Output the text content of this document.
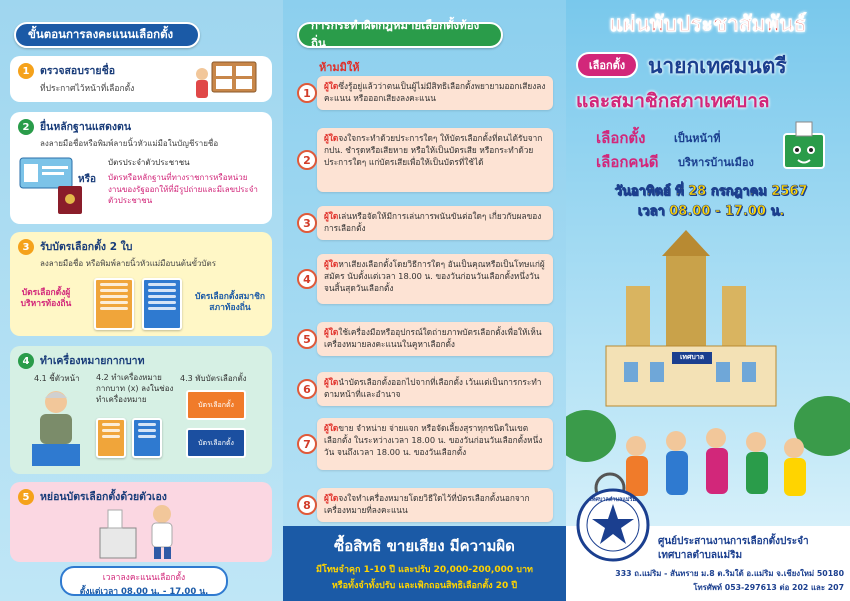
ขั้นตอนการลงคะแนนเลือกตั้ง
1	ตรวจสอบรายชื่อ
ที่ประกาศไว้หน้าที่เลือกตั้ง
2	ยื่นหลักฐานแสดงตน
ลงลายมือชื่อหรือพิมพ์ลายนิ้วหัวแม่มือในบัญชีรายชื่อ
บัตรประจำตัวประชาชน
หรือ บัตรหรือหลักฐานที่ทางราชการหรือหน่วยงานของรัฐออกให้ที่มีรูปถ่ายและมีเลขประจำตัวประชาชน
3	รับบัตรเลือกตั้ง 2 ใบ
ลงลายมือชื่อ หรือพิมพ์ลายนิ้วหัวแม่มือบนต้นขั้วบัตร
บัตรเลือกตั้งผู้บริหารท้องถิ่น
บัตรเลือกตั้งสมาชิกสภาท้องถิ่น
4	ทำเครื่องหมายกากบาท
4.1 ชี้ตัวหน้า 4.2 ทำเครื่องหมายกากบาท (x) ลงในช่องทำเครื่องหมาย
4.3 พับบัตรเลือกตั้ง
บัตรเลือกตั้ง
บัตรเลือกตั้ง
5	หย่อนบัตรเลือกตั้งด้วยตัวเอง
เวลาลงคะแนนเลือกตั้ง
ตั้งแต่เวลา 08.00 น. - 17.00 น.
การกระทำผิดกฎหมายเลือกตั้งท้องถิ่น
ห้ามมิให้
1
ผู้ใดซึ่งรู้อยู่แล้วว่าตนเป็นผู้ไม่มีสิทธิเลือกตั้งพยายามออกเสียงลงคะแนน หรือออกเสียงลงคะแนน
2
ผู้ใดจงใจกระทำด้วยประการใดๆ ให้บัตรเลือกตั้งที่ตนได้รับจาก กปน. ชำรุดหรือเสียหาย หรือให้เป็นบัตรเสีย หรือกระทำด้วยประการใดๆ แก่บัตรเสียเพื่อให้เป็นบัตรที่ใช้ได้
3
ผู้ใดเล่นหรือจัดให้มีการเล่นการพนันขันต่อใดๆ เกี่ยวกับผลของการเลือกตั้ง
4
ผู้ใดหาเสียงเลือกตั้งโดยวิธีการใดๆ อันเป็นคุณหรือเป็นโทษแก่ผู้สมัคร นับตั้งแต่เวลา 18.00 น. ของวันก่อนวันเลือกตั้งหนึ่งวันจนสิ้นสุดวันเลือกตั้ง
5
ผู้ใดใช้เครื่องมือหรืออุปกรณ์ใดถ่ายภาพบัตรเลือกตั้งเพื่อให้เห็นเครื่องหมายลงคะแนนในคูหาเลือกตั้ง
6
ผู้ใดนำบัตรเลือกตั้งออกไปจากที่เลือกตั้ง เว้นแต่เป็นการกระทำตามหน้าที่และอำนาจ
7
ผู้ใดขาย จำหน่าย จ่ายแจก หรือจัดเลี้ยงสุราทุกชนิดในเขตเลือกตั้ง ในระหว่างเวลา 18.00 น. ของวันก่อนวันเลือกตั้งหนึ่งวัน จนถึงเวลา 18.00 น. ของวันเลือกตั้ง
8
ผู้ใดจงใจทำเครื่องหมายโดยวิธีใดไว้ที่บัตรเลือกตั้งนอกจากเครื่องหมายที่ลงคะแนน
ซื้อสิทธิ ขายเสียง มีความผิด
มีโทษจำคุก 1-10 ปี และปรับ 20,000-200,000 บาท
หรือทั้งจำทั้งปรับ และเพิกถอนสิทธิเลือกตั้ง 20 ปี
แผ่นพับประชาสัมพันธ์
เลือกตั้ง	นายกเทศมนตรี
และสมาชิกสภาเทศบาล
เลือกตั้ง	เป็นหน้าที่
เลือกคนดี บริหารบ้านเมือง
วันอาทิตย์ ที่ 28 กรกฎาคม 2567
เวลา 08.00 - 17.00 น.
เทศบาล
เทศบาลตำบลแม่ริม
ศูนย์ประสานงานการเลือกตั้งประจำ
เทศบาลตำบลแม่ริม
333 ถ.แม่ริม - สันทราย ม.8 ต.ริมใต้ อ.แม่ริม จ.เชียงใหม่ 50180
โทรศัพท์ 053-297613 ต่อ 202 และ 207
